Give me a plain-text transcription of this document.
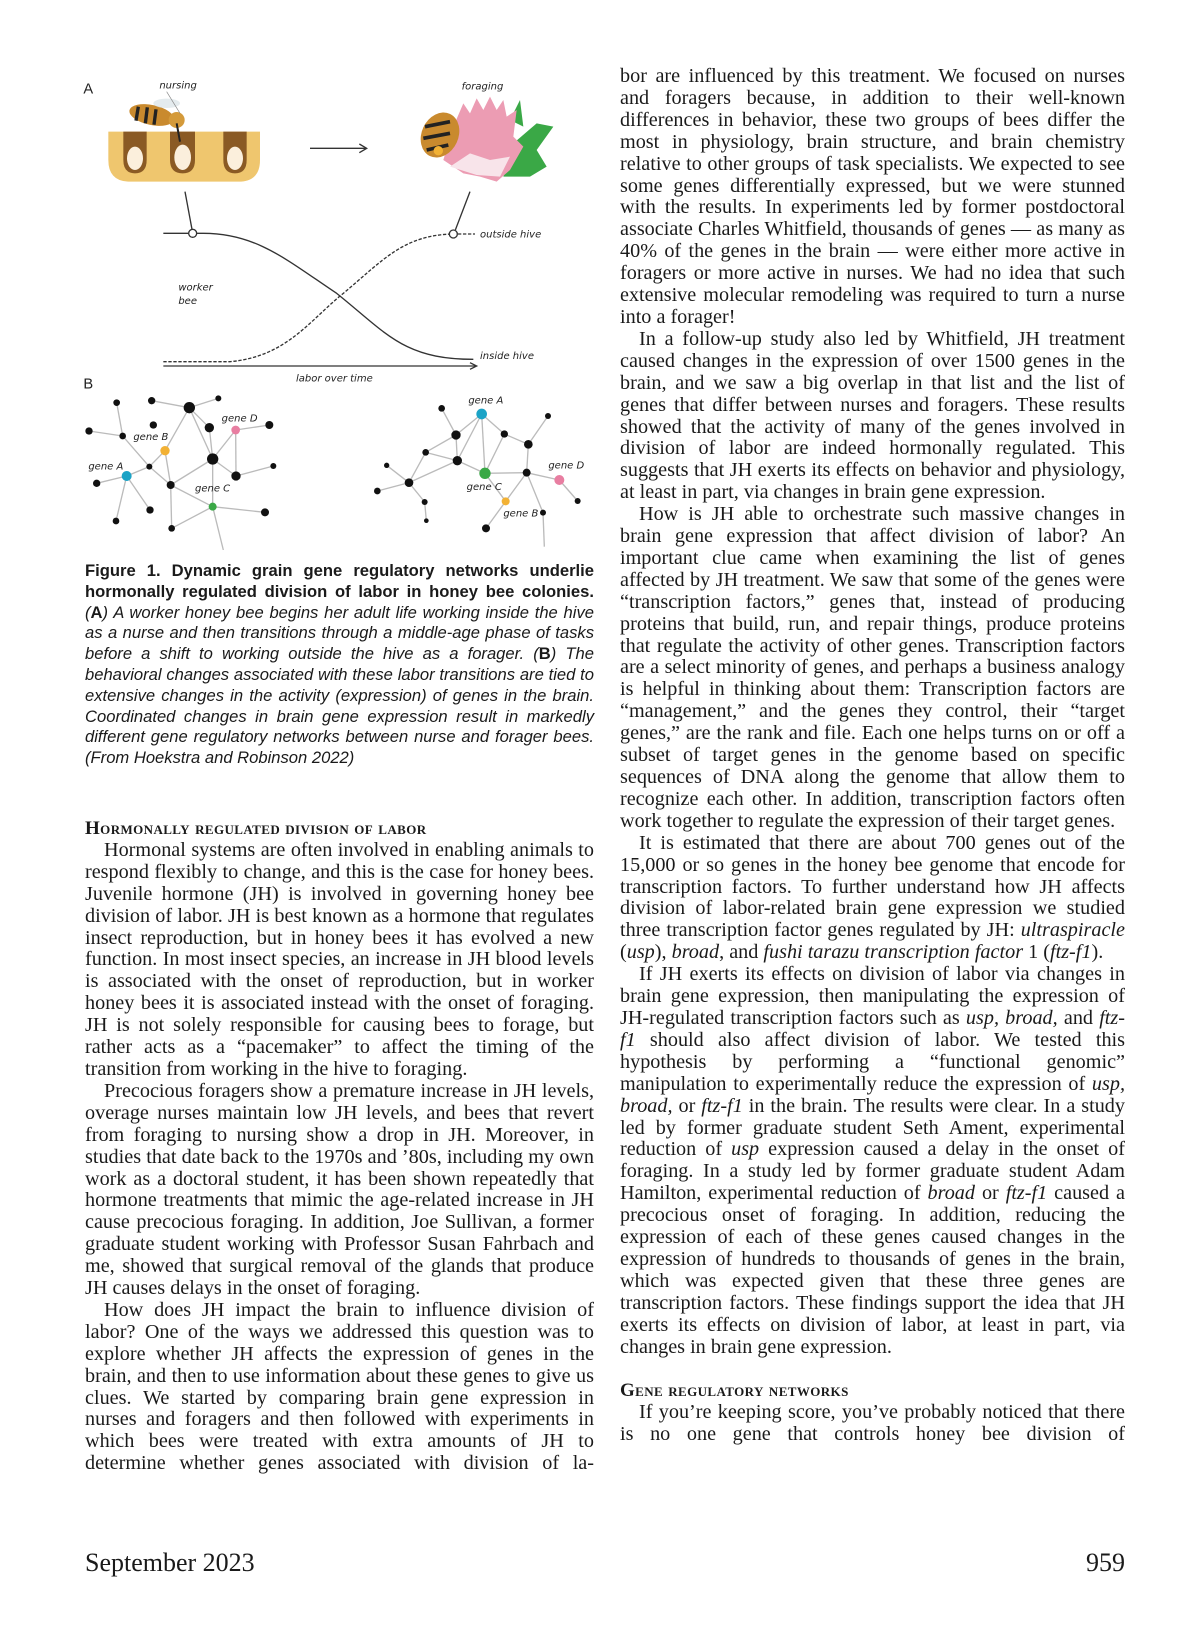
A nursing	foraging
outside hive
inside hive
worker
bee
labor over time
B
gene D
gene B
gene A
gene C
gene A
gene C
gene B
gene D
Figure 1. Dynamic grain gene regulatory networks underlie hormonally regulated division of labor in honey bee colonies. (A) A worker honey bee begins her adult life working inside the hive as a nurse and then transitions through a middle-age phase of tasks before a shift to working outside the hive as a forager. (B) The behavioral changes associated with these labor transitions are tied to extensive changes in the activity (expression) of genes in the brain. Coordinated changes in brain gene expression result in markedly different gene regulatory networks between nurse and forager bees. (From Hoekstra and Robinson 2022)
Hormonally regulated division of labor

Hormonal systems are often involved in enabling animals to respond flexibly to change, and this is the case for honey bees. Juvenile hormone (JH) is involved in governing honey bee division of labor. JH is best known as a hormone that regulates insect reproduction, but in honey bees it has evolved a new function. In most insect species, an increase in JH blood levels is associated with the onset of reproduction, but in worker honey bees it is associated instead with the onset of foraging. JH is not solely responsible for causing bees to forage, but rather acts as a “pacemaker” to affect the timing of the transition from working in the hive to foraging.

Precocious foragers show a premature increase in JH levels, overage nurses maintain low JH levels, and bees that revert from foraging to nursing show a drop in JH. Moreover, in studies that date back to the 1970s and ’80s, including my own work as a doctoral student, it has been shown repeatedly that hormone treatments that mimic the age-related increase in JH cause precocious foraging. In addition, Joe Sullivan, a former graduate student working with Professor Susan Fahrbach and me, showed that surgical removal of the glands that produce JH causes delays in the onset of foraging.

How does JH impact the brain to influence division of labor? One of the ways we addressed this question was to explore whether JH affects the expression of genes in the brain, and then to use information about these genes to give us clues. We started by comparing brain gene expression in nurses and foragers and then followed with experiments in which bees were treated with extra amounts of JH to determine whether genes associated with division of la-

bor are influenced by this treatment. We focused on nurses and foragers because, in addition to their well-known differences in behavior, these two groups of bees differ the most in physiology, brain structure, and brain chemistry relative to other groups of task specialists. We expected to see some genes differentially expressed, but we were stunned with the results. In experiments led by former postdoctoral associate Charles Whitfield, thousands of genes — as many as 40% of the genes in the brain — were either more active in foragers or more active in nurses. We had no idea that such extensive molecular remodeling was required to turn a nurse into a forager!

In a follow-up study also led by Whitfield, JH treatment caused changes in the expression of over 1500 genes in the brain, and we saw a big overlap in that list and the list of genes that differ between nurses and foragers. These results showed that the activity of many of the genes involved in division of labor are indeed hormonally regulated. This suggests that JH exerts its effects on behavior and physiology, at least in part, via changes in brain gene expression.

How is JH able to orchestrate such massive changes in brain gene expression that affect division of labor? An important clue came when examining the list of genes affected by JH treatment. We saw that some of the genes were “transcription factors,” genes that, instead of producing proteins that build, run, and repair things, produce proteins that regulate the activity of other genes. Transcription factors are a select minority of genes, and perhaps a business analogy is helpful in thinking about them: Transcription factors are “management,” and the genes they control, their “target genes,” are the rank and file. Each one helps turns on or off a subset of target genes in the genome based on specific sequences of DNA along the genome that allow them to recognize each other. In addition, transcription factors often work together to regulate the expression of their target genes.

It is estimated that there are about 700 genes out of the 15,000 or so genes in the honey bee genome that encode for transcription factors. To further understand how JH affects division of labor-related brain gene expression we studied three transcription factor genes regulated by JH: ultraspiracle (usp), broad, and fushi tarazu transcription factor 1 (ftz-f1).

If JH exerts its effects on division of labor via changes in brain gene expression, then manipulating the expression of JH-regulated transcription factors such as usp, broad, and ftz-f1 should also affect division of labor. We tested this hypothesis by performing a “functional genomic” manipulation to experimentally reduce the expression of usp, broad, or ftz-f1 in the brain. The results were clear. In a study led by former graduate student Seth Ament, experimental reduction of usp expression caused a delay in the onset of foraging. In a study led by former graduate student Adam Hamilton, experimental reduction of broad or ftz-f1 caused a precocious onset of foraging. In addition, reducing the expression of each of these genes caused changes in the expression of hundreds to thousands of genes in the brain, which was expected given that these three genes are transcription factors. These findings support the idea that JH exerts its effects on division of labor, at least in part, via changes in brain gene expression.

Gene regulatory networks

If you’re keeping score, you’ve probably noticed that there is no one gene that controls honey bee division of

September 2023	959
